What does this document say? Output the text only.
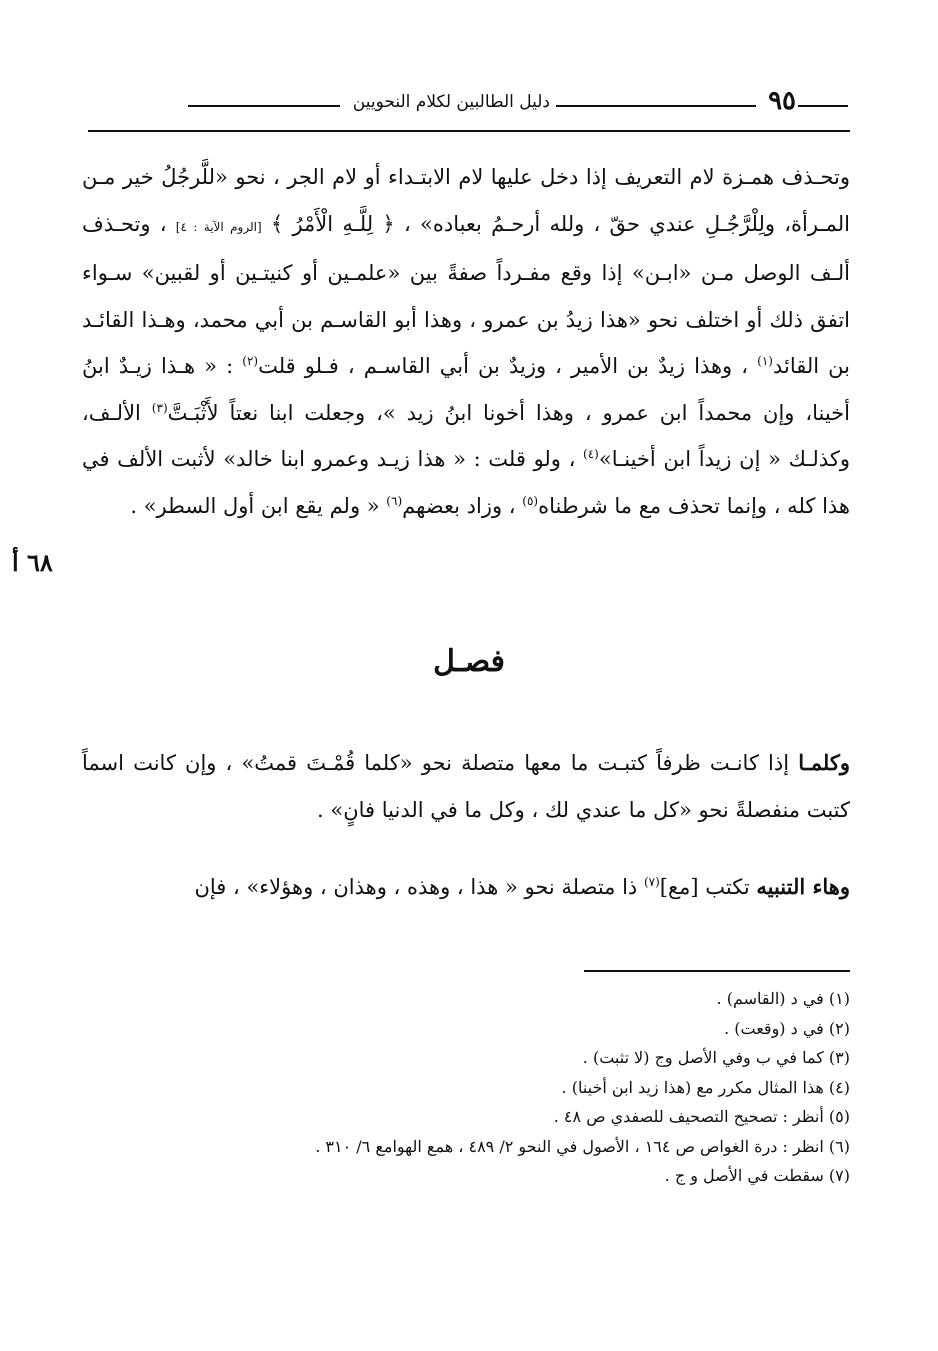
٩٥
دليل الطالبين لكلام النحويين
وتحـذف همـزة لام التعريف إذا دخل عليها لام الابتـداء أو لام الجر ، نحو «للَّرجُلُ خير مـن المـرأة، ولِلْرَّجُـلِ عندي حقّ ، ولله أرحـمُ بعباده» ، ﴿ لِلَّـهِ الْأَمْرُ ﴾ [الروم الآية : ٤] ، وتحـذف ألـف الوصل مـن «ابـن» إذا وقع مفـرداً صفةً بين «علمـين أو كنيتـين أو لقبين» سـواء اتفق ذلك أو اختلف نحو «هذا زيدُ بن عمرو ، وهذا أبو القاسـم بن أبي محمد، وهـذا القائـد بن القائد$^{(١)}$ ، وهذا زيدٌ بن الأمير ، وزيدٌ بن أبي القاسـم ، فـلو قلت$^{(٢)}$ : « هـذا زيـدٌ ابنُ أخينا، وإن محمداً ابن عمرو ، وهذا أخونا ابنُ زيد »، وجعلت ابنا نعتاً لأَثْبَـتَّ$^{(٣)}$ الألـف، وكذلـك « إن زيداً ابن أخينـا»$^{(٤)}$ ، ولو قلت : « هذا زيـد وعمرو ابنا خالد» لأثبت الألف في هذا كله ، وإنما تحذف مع ما شرطناه$^{(٥)}$ ، وزاد بعضهم$^{(٦)}$ « ولم يقع ابن أول السطر» .
٦٨ أ
فصـل
وكلمـا إذا كانـت ظرفاً كتبـت ما معها متصلة نحو «كلما قُمْـتَ قمتُ» ، وإن كانت اسماً كتبت منفصلةً نحو «كل ما عندي لك ، وكل ما في الدنيا فانٍ» .
وهاء التنبيه تكتب [مع]$^{(٧)}$ ذا متصلة نحو « هذا ، وهذه ، وهذان ، وهؤلاء» ، فإن
(١) في د (القاسم) .
(٢) في د (وقعت) .
(٣) كما في ب وفي الأصل وج (لا تثبت) .
(٤) هذا المثال مكرر مع (هذا زيد ابن أخينا) .
(٥) أنظر : تصحيح التصحيف للصفدي ص ٤٨ .
(٦) انظر : درة الغواص ص ١٦٤ ، الأصول في النحو ٢/ ٤٨٩ ، همع الهوامع ٦/ ٣١٠ .
(٧) سقطت في الأصل و ج .
